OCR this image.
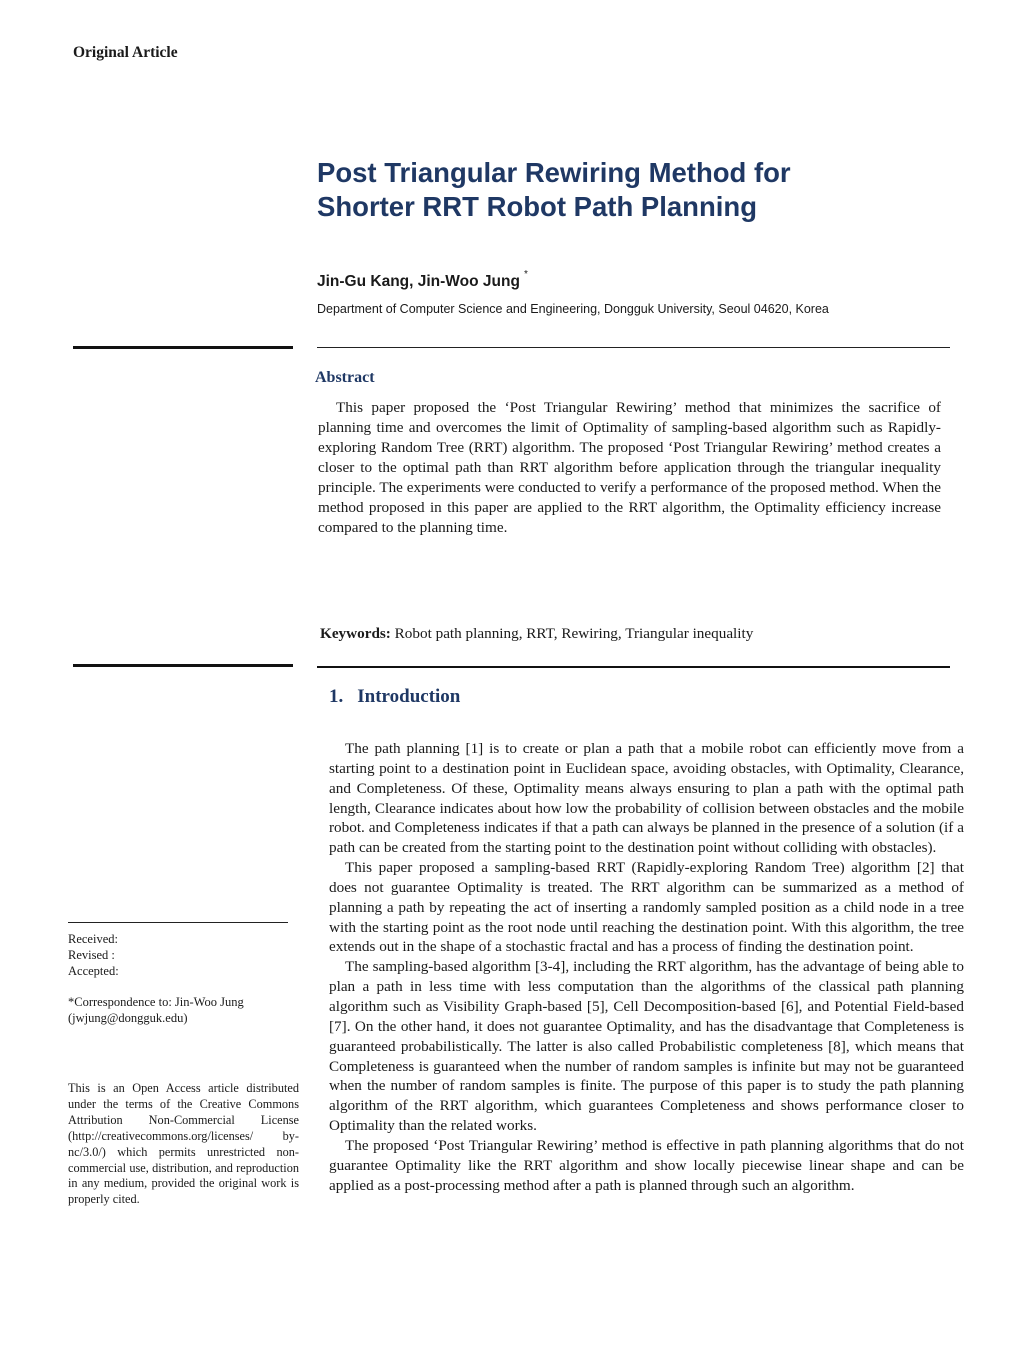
Original Article
Post Triangular Rewiring Method for
Shorter RRT Robot Path Planning
Jin-Gu Kang, Jin-Woo Jung *
Department of Computer Science and Engineering, Dongguk University, Seoul 04620, Korea
Abstract

This paper proposed the ‘Post Triangular Rewiring’ method that minimizes the sacrifice of planning time and overcomes the limit of Optimality of sampling-based algorithm such as Rapidly-exploring Random Tree (RRT) algorithm. The proposed ‘Post Triangular Rewiring’ method creates a closer to the optimal path than RRT algorithm before application through the triangular inequality principle. The experiments were conducted to verify a performance of the proposed method. When the method proposed in this paper are applied to the RRT algorithm, the Optimality efficiency increase compared to the planning time.

Keywords: Robot path planning, RRT, Rewiring, Triangular inequality
1. Introduction

The path planning [1] is to create or plan a path that a mobile robot can efficiently move from a starting point to a destination point in Euclidean space, avoiding obstacles, with Optimality, Clearance, and Completeness. Of these, Optimality means always ensuring to plan a path with the optimal path length, Clearance indicates about how low the probability of collision between obstacles and the mobile robot. and Completeness indicates if that a path can always be planned in the presence of a solution (if a path can be created from the starting point to the destination point without colliding with obstacles).

This paper proposed a sampling-based RRT (Rapidly-exploring Random Tree) algorithm [2] that does not guarantee Optimality is treated. The RRT algorithm can be summarized as a method of planning a path by repeating the act of inserting a randomly sampled position as a child node in a tree with the starting point as the root node until reaching the destination point. With this algorithm, the tree extends out in the shape of a stochastic fractal and has a process of finding the destination point.

The sampling-based algorithm [3-4], including the RRT algorithm, has the advantage of being able to plan a path in less time with less computation than the algorithms of the classical path planning algorithm such as Visibility Graph-based [5], Cell Decomposition-based [6], and Potential Field-based [7]. On the other hand, it does not guarantee Optimality, and has the disadvantage that Completeness is guaranteed probabilistically. The latter is also called Probabilistic completeness [8], which means that Completeness is guaranteed when the number of random samples is infinite but may not be guaranteed when the number of random samples is finite. The purpose of this paper is to study the path planning algorithm of the RRT algorithm, which guarantees Completeness and shows performance closer to Optimality than the related works.

The proposed ‘Post Triangular Rewiring’ method is effective in path planning algorithms that do not guarantee Optimality like the RRT algorithm and show locally piecewise linear shape and can be applied as a post-processing method after a path is planned through such an algorithm.

Received:
Revised :
Accepted:
*Correspondence to: Jin-Woo Jung
(jwjung@dongguk.edu)

This is an Open Access article distributed under the terms of the Creative Commons Attribution Non-Commercial License (http://creativecommons.org/licenses/ by-nc/3.0/) which permits unrestricted non-commercial use, distribution, and reproduction in any medium, provided the original work is properly cited.
